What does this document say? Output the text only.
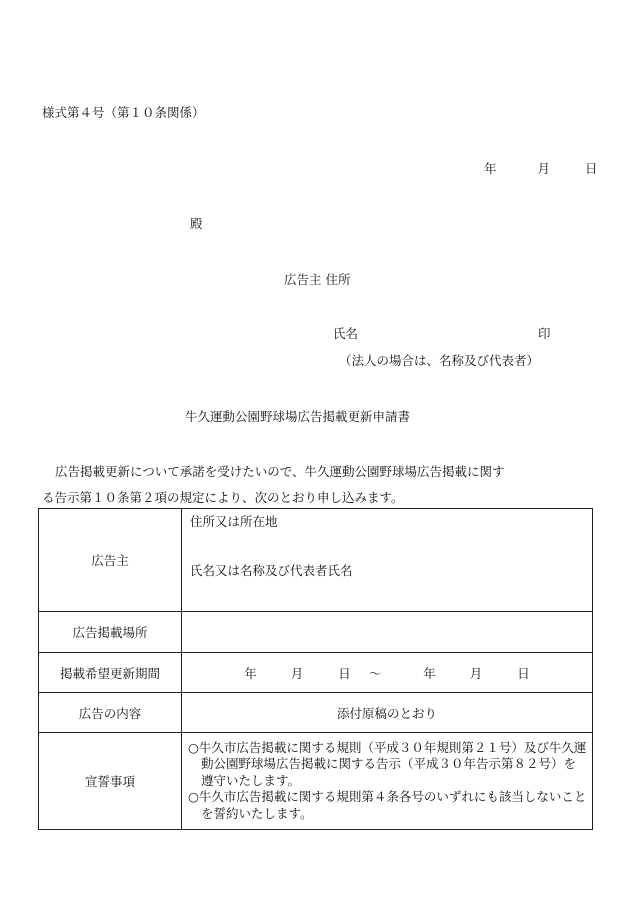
様式第４号（第１０条関係）
年	月	日
殿
広告主 住所
氏名	印
（法人の場合は、名称及び代表者）
牛久運動公園野球場広告掲載更新申請書
広告掲載更新について承諾を受けたいので、牛久運動公園野球場広告掲載に関す
る告示第１０条第２項の規定により、次のとおり申し込みます。
広告主	住所又は所在地
氏名又は名称及び代表者氏名

広告掲載場所	
掲載希望更新期間	年 月 日 ～ 年 月 日
広告の内容	添付原稿のとおり
宣誓事項	○牛久市広告掲載に関する規則（平成３０年規則第２１号）及び牛久運動公園野球場広告掲載に関する告示（平成３０年告示第８２号）を遵守いたします。
○牛久市広告掲載に関する規則第４条各号のいずれにも該当しないことを誓約いたします。
